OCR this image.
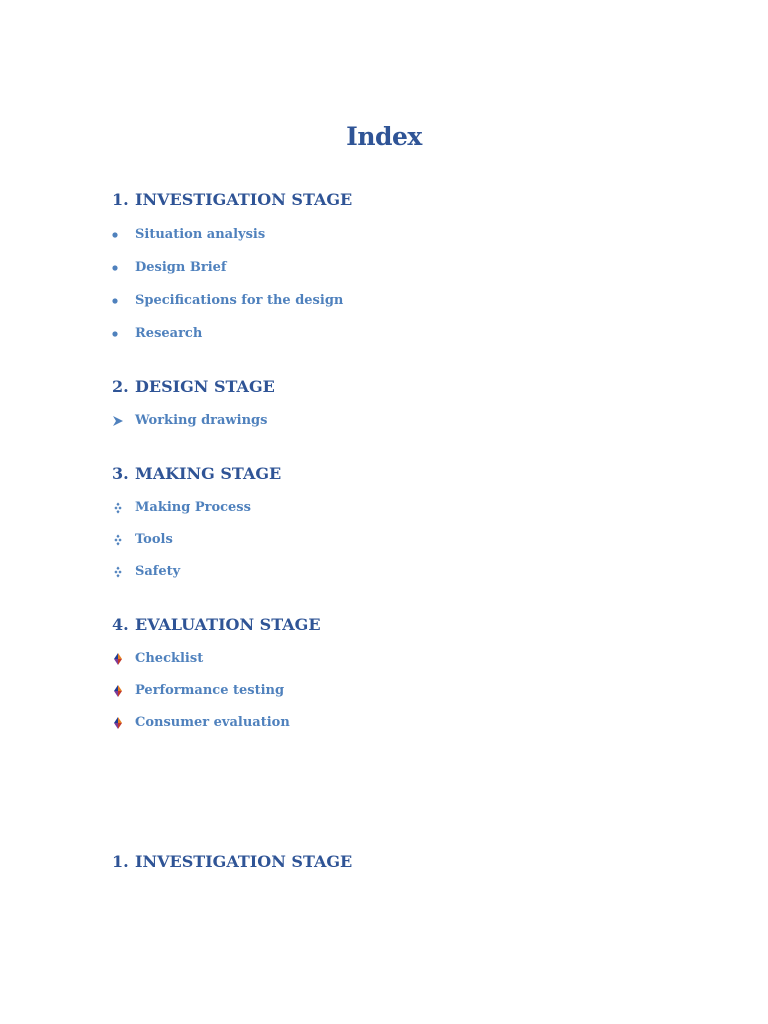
Index
1. INVESTIGATION STAGE
Situation analysis
Design Brief
Specifications for the design
Research
2. DESIGN STAGE
Working drawings
3. MAKING STAGE
Making Process
Tools
Safety
4. EVALUATION STAGE
Checklist
Performance testing
Consumer evaluation
1. INVESTIGATION STAGE
